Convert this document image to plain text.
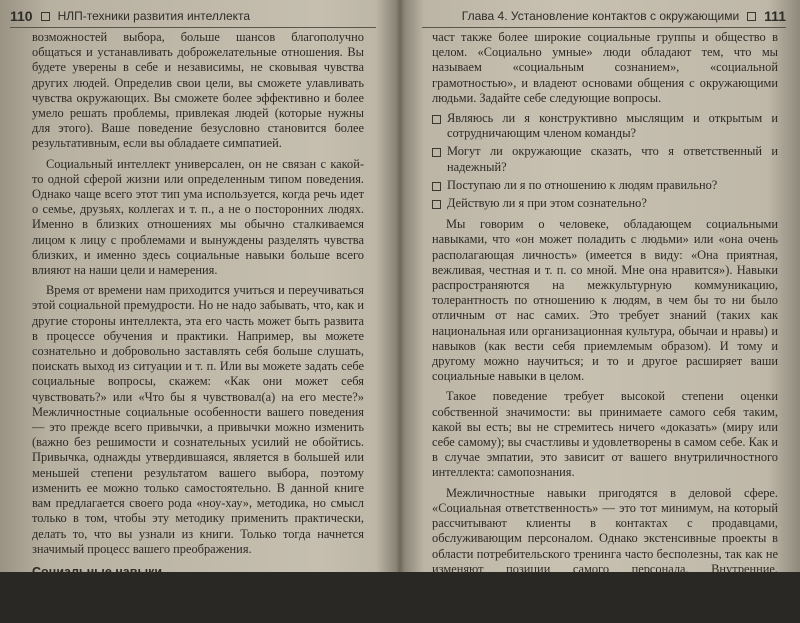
110 НЛП-техники развития интеллекта

возможностей выбора, больше шансов благополучно общаться и устанавливать доброжелательные отношения. Вы будете уверены в себе и независимы, не сковывая чувства других людей. Определив свои цели, вы сможете улавливать чувства окружающих. Вы сможете более эффективно и более умело решать проблемы, привлекая людей (которые нужны для этого). Ваше поведение безусловно становится более результативным, если вы обладаете симпатией.

Социальный интеллект универсален, он не связан с какой-то одной сферой жизни или определенным типом поведения. Однако чаще всего этот тип ума используется, когда речь идет о семье, друзьях, коллегах и т. п., а не о посторонних людях. Именно в близких отношениях мы обычно сталкиваемся лицом к лицу с проблемами и вынуждены разделять чувства близких, и именно здесь социальные навыки больше всего влияют на наши цели и намерения.

Время от времени нам приходится учиться и переучиваться этой социальной премудрости. Но не надо забывать, что, как и другие стороны интеллекта, эта его часть может быть развита в процессе обучения и практики. Например, вы можете сознательно и добровольно заставлять себя больше слушать, поискать выход из ситуации и т. п. Или вы можете задать себе социальные вопросы, скажем: «Как они может себя чувствовать?» или «Что бы я чувствовал(а) на его месте?» Межличностные социальные особенности вашего поведения — это прежде всего привычки, а привычки можно изменить (важно без решимости и сознательных усилий не обойтись. Привычка, однажды утвердившаяся, является в большей или меньшей степени результатом вашего выбора, поэтому изменить ее можно только самостоятельно. В данной книге вам предлагается своего рода «ноу-хау», методика, но смысл только в том, чтобы эту методику применить практически, делать то, что вы узнали из книги. Только тогда начнется значимый процесс вашего преображения.

Социальные навыки

Этот аспект межличностного интеллекта распространяется на ваших личных друзей, семью и коллег по работе. Он включает

Глава 4. Установление контактов с окружающими 111

част также более широкие социальные группы и общество в целом. «Социально умные» люди обладают тем, что мы называем «социальным сознанием», «социальной грамотностью», и владеют основами общения с окружающими людьми. Задайте себе следующие вопросы.

Являюсь ли я конструктивно мыслящим и открытым и сотрудничающим членом команды?
Могут ли окружающие сказать, что я ответственный и надежный?
Поступаю ли я по отношению к людям правильно?
Действую ли я при этом сознательно?

Мы говорим о человеке, обладающем социальными навыками, что «он может поладить с людьми» или «она очень располагающая личность» (имеется в виду: «Она приятная, вежливая, честная и т. п. со мной. Мне она нравится»). Навыки распространяются на межкультурную коммуникацию, толерантность по отношению к людям, в чем бы то ни было отличным от нас самих. Это требует знаний (таких как национальная или организационная культура, обычаи и нравы) и навыков (как вести себя приемлемым образом). И тому и другому можно научиться; и то и другое расширяет ваши социальные навыки в целом.

Такое поведение требует высокой степени оценки собственной значимости: вы принимаете самого себя таким, какой вы есть; вы не стремитесь ничего «доказать» (миру или себе самому); вы счастливы и удовлетворены в самом себе. Как и в случае эмпатии, это зависит от вашего внутриличностного интеллекта: самопознания.

Межличностные навыки пригодятся в деловой сфере. «Социальная ответственность» — это тот минимум, на который рассчитывают клиенты в контактах с продавцами, обслуживающим персоналом. Однако экстенсивные проекты в области потребительского тренинга часто бесполезны, так как не изменяют позиции самого персонала. Внутренние, внутриличностные позиции остаются незатронутыми, поэтому любое внешнее управление или «предписания» воспринимаются как неискренние.
